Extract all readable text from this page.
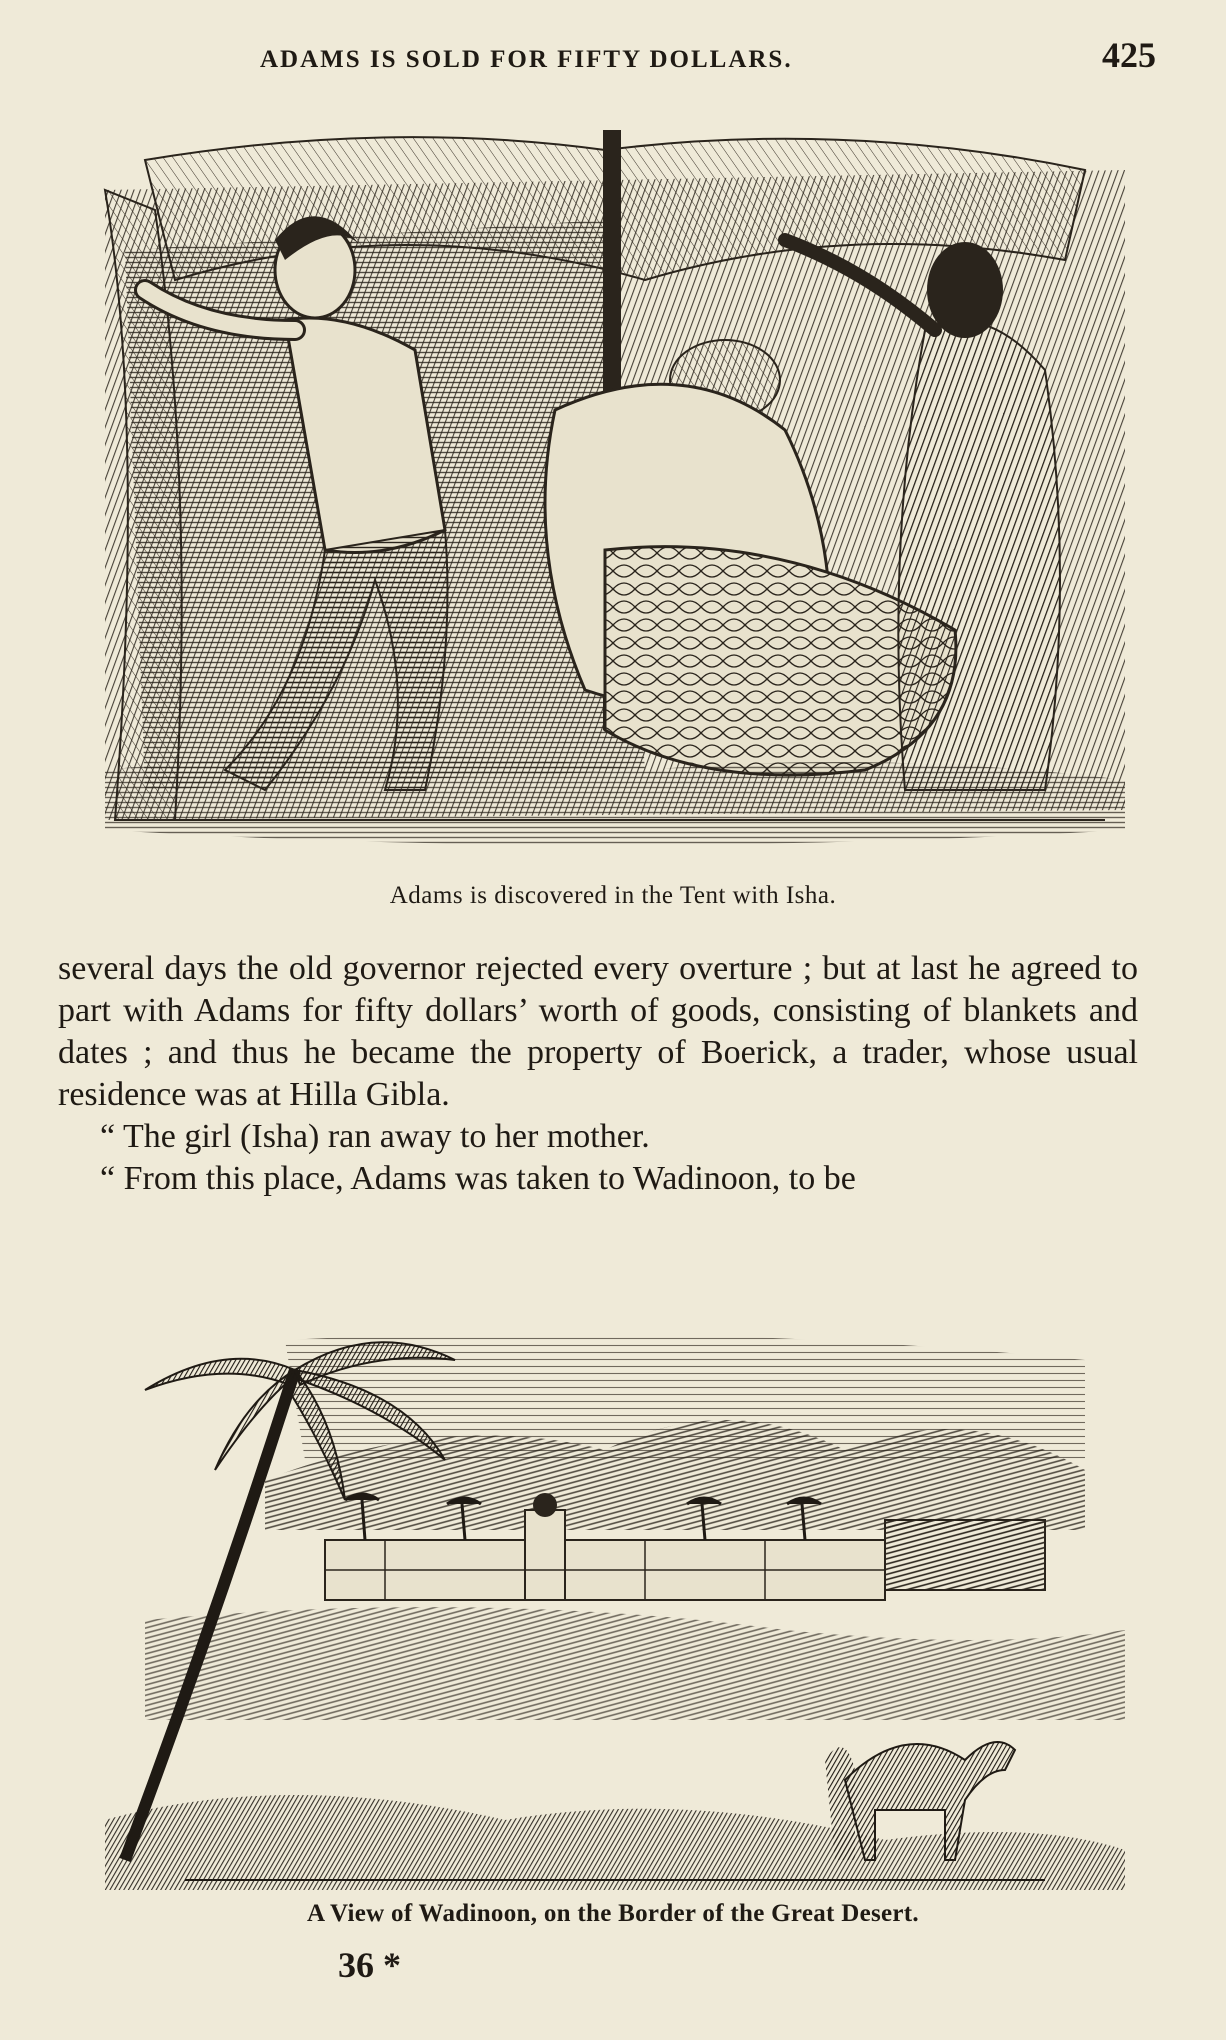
ADAMS IS SOLD FOR FIFTY DOLLARS.	425
Adams is discovered in the Tent with Isha.

several days the old governor rejected every overture ; but at last he agreed to part with Adams for fifty dollars’ worth of goods, consisting of blankets and dates ; and thus he became the property of Boerick, a trader, whose usual residence was at Hilla Gibla.

“ The girl (Isha) ran away to her mother.

“ From this place, Adams was taken to Wadinoon, to be

A View of Wadinoon, on the Border of the Great Desert.
36 *
